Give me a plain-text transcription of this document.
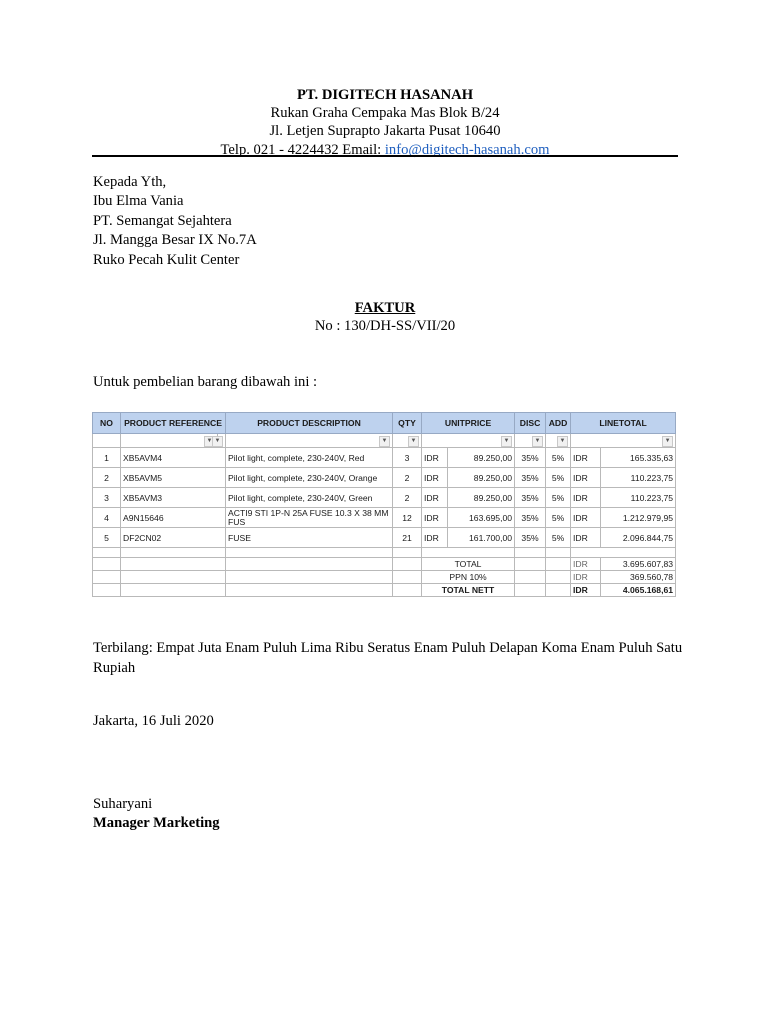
PT. DIGITECH HASANAH
Rukan Graha Cempaka Mas Blok B/24
Jl. Letjen Suprapto Jakarta Pusat 10640
Telp. 021 - 4224432 Email: info@digitech-hasanah.com
Kepada Yth,
Ibu Elma Vania
PT. Semangat Sejahtera
Jl. Mangga Besar IX No.7A
Ruko Pecah Kulit Center
FAKTUR
No : 130/DH-SS/VII/20
Untuk pembelian barang dibawah ini :
NO	PRODUCT REFERENCE		PRODUCT DESCRIPTION	QTY	UNITPRICE		DISC	ADD	LINETOTAL	

	▼	▼	▼	▼	▼		▼	▼	▼	

1	XB5AVM4		Pilot light, complete, 230-240V, Red	3	IDR	89.250,00	35%	5%	IDR	165.335,63
2	XB5AVM5		Pilot light, complete, 230-240V, Orange	2	IDR	89.250,00	35%	5%	IDR	110.223,75
3	XB5AVM3		Pilot light, complete, 230-240V, Green	2	IDR	89.250,00	35%	5%	IDR	110.223,75
4	A9N15646		ACTI9 STI 1P-N 25A FUSE 10.3 X 38 MM FUS	12	IDR	163.695,00	35%	5%	IDR	1.212.979,95
5	DF2CN02		FUSE	21	IDR	161.700,00	35%	5%	IDR	2.096.844,75

					TOTAL				IDR	3.695.607,83
					PPN 10%				IDR	369.560,78
					TOTAL NETT				IDR	4.065.168,61
Terbilang: Empat Juta Enam Puluh Lima Ribu Seratus Enam Puluh Delapan Koma Enam Puluh Satu Rupiah
Jakarta, 16 Juli 2020
Suharyani
Manager Marketing
